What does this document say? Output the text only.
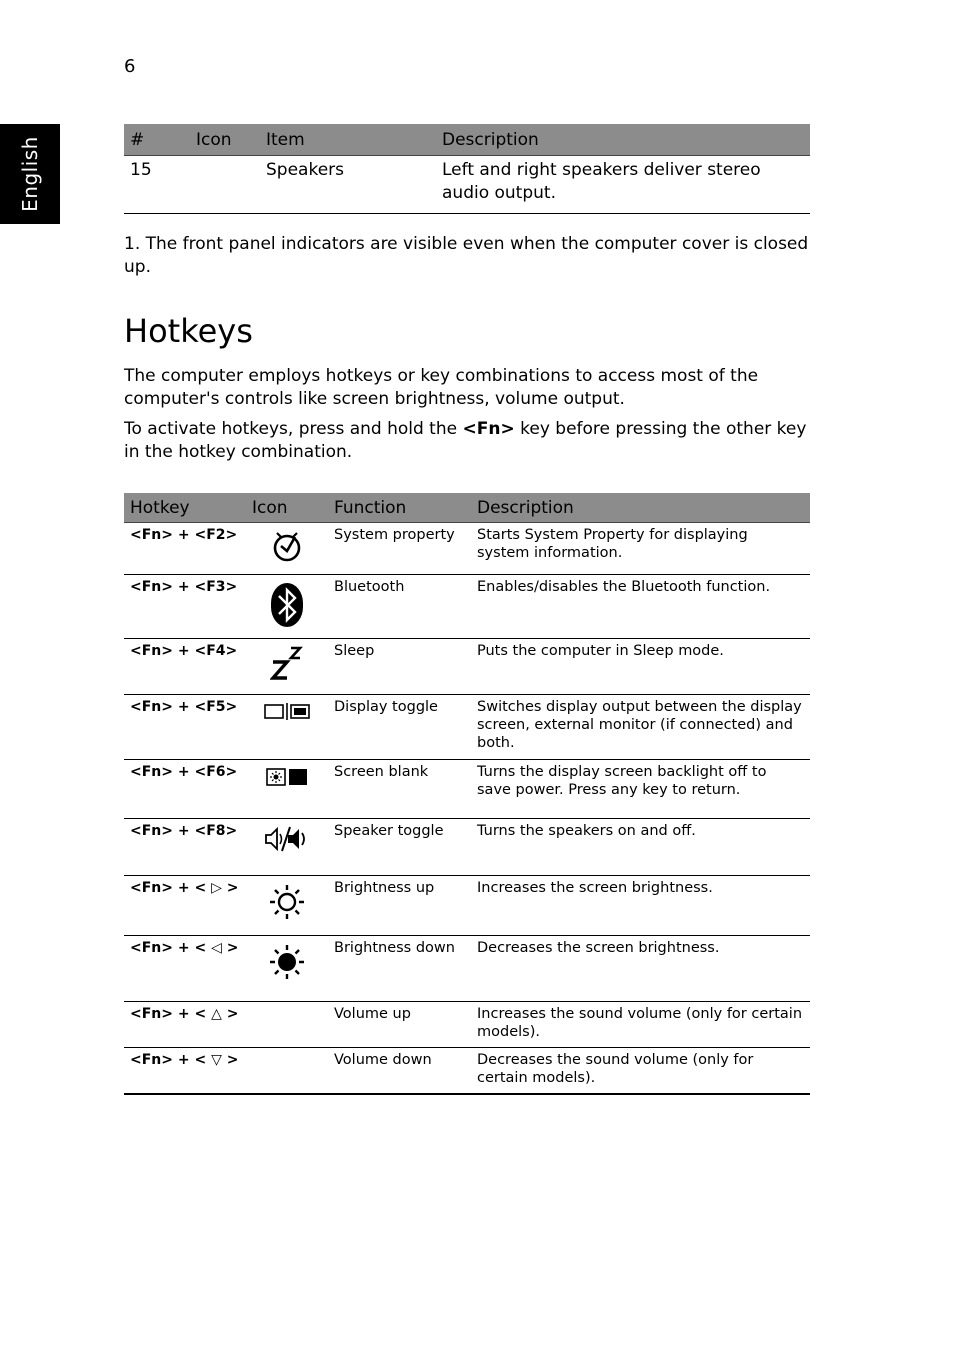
6
English	#	Icon	Item	Description
15		Speakers	Left and right speakers deliver stereo audio output.

1. The front panel indicators are visible even when the computer cover is closed up.

Hotkeys

The computer employs hotkeys or key combinations to access most of the computer's controls like screen brightness, volume output.

To activate hotkeys, press and hold the <Fn> key before pressing the other key in the hotkey combination.

Hotkey	Icon	Function	Description
<Fn> + <F2>		System property	Starts System Property for displaying system information.
<Fn> + <F3>		Bluetooth	Enables/disables the Bluetooth function.
<Fn> + <F4>		Sleep	Puts the computer in Sleep mode.
<Fn> + <F5>		Display toggle	Switches display output between the display screen, external monitor (if connected) and both.
<Fn> + <F6>		Screen blank	Turns the display screen backlight off to save power. Press any key to return.
<Fn> + <F8>		Speaker toggle	Turns the speakers on and off.
<Fn> + < ▷ >		Brightness up	Increases the screen brightness.
<Fn> + < ◁ >		Brightness down	Decreases the screen brightness.
<Fn> + < △ >		Volume up	Increases the sound volume (only for certain models).
<Fn> + < ▽ >		Volume down	Decreases the sound volume (only for certain models).
